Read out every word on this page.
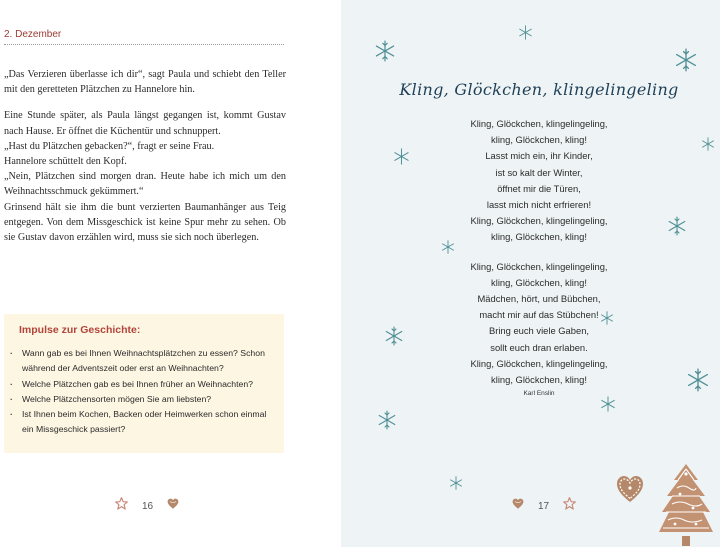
2. Dezember

„Das Verzieren überlasse ich dir“, sagt Paula und schiebt den Teller mit den geretteten Plätzchen zu Hannelore hin.

Eine Stunde später, als Paula längst gegangen ist, kommt Gustav nach Hause. Er öffnet die Küchentür und schnuppert.
„Hast du Plätzchen gebacken?“, fragt er seine Frau.
Hannelore schüttelt den Kopf.
„Nein, Plätzchen sind morgen dran. Heute habe ich mich um den Weihnachtsschmuck gekümmert.“
Grinsend hält sie ihm die bunt verzierten Baumanhänger aus Teig entgegen. Von dem Missgeschick ist keine Spur mehr zu sehen. Ob sie Gustav davon erzählen wird, muss sie sich noch überlegen.

Impulse zur Geschichte:
· Wann gab es bei Ihnen Weihnachtsplätzchen zu essen? Schon während der Adventszeit oder erst an Weihnachten?
· Welche Plätzchen gab es bei Ihnen früher an Weihnachten?
· Welche Plätzchensorten mögen Sie am liebsten?
· Ist Ihnen beim Kochen, Backen oder Heimwerken schon einmal ein Missgeschick passiert?
16
Kling, Glöckchen, klingelingeling
Kling, Glöckchen, klingelingeling,
kling, Glöckchen, kling!
Lasst mich ein, ihr Kinder,
ist so kalt der Winter,
öffnet mir die Türen,
lasst mich nicht erfrieren!
Kling, Glöckchen, klingelingeling,
kling, Glöckchen, kling!
Kling, Glöckchen, klingelingeling,
kling, Glöckchen, kling!
Mädchen, hört, und Bübchen,
macht mir auf das Stübchen!
Bring euch viele Gaben,
sollt euch dran erlaben.
Kling, Glöckchen, klingelingeling,
kling, Glöckchen, kling!
Karl Enslin
17
